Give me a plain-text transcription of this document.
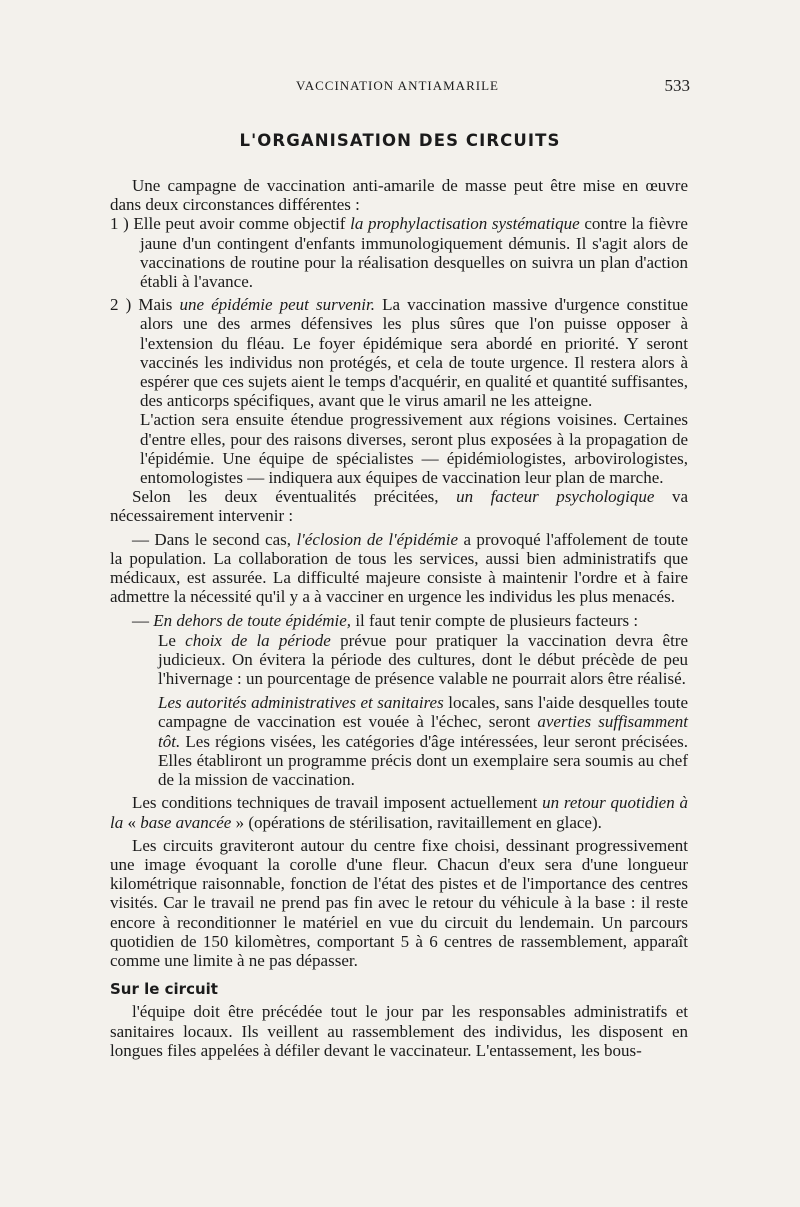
VACCINATION ANTIAMARILE	533
L'ORGANISATION DES CIRCUITS

Une campagne de vaccination anti-amarile de masse peut être mise en œuvre dans deux circonstances différentes :

1 ) Elle peut avoir comme objectif la prophylactisation systématique contre la fièvre jaune d'un contingent d'enfants immunologiquement démunis. Il s'agit alors de vaccinations de routine pour la réalisation desquelles on suivra un plan d'action établi à l'avance.

2 ) Mais une épidémie peut survenir. La vaccination massive d'urgence constitue alors une des armes défensives les plus sûres que l'on puisse opposer à l'extension du fléau. Le foyer épidémique sera abordé en priorité. Y seront vaccinés les individus non protégés, et cela de toute urgence. Il restera alors à espérer que ces sujets aient le temps d'acquérir, en qualité et quantité suffisantes, des anticorps spécifiques, avant que le virus amaril ne les atteigne.

L'action sera ensuite étendue progressivement aux régions voisines. Certaines d'entre elles, pour des raisons diverses, seront plus exposées à la propagation de l'épidémie. Une équipe de spécialistes — épidémiologistes, arbovirologistes, entomologistes — indiquera aux équipes de vaccination leur plan de marche.

Selon les deux éventualités précitées, un facteur psychologique va nécessairement intervenir :

— Dans le second cas, l'éclosion de l'épidémie a provoqué l'affolement de toute la population. La collaboration de tous les services, aussi bien administratifs que médicaux, est assurée. La difficulté majeure consiste à maintenir l'ordre et à faire admettre la nécessité qu'il y a à vacciner en urgence les individus les plus menacés.

— En dehors de toute épidémie, il faut tenir compte de plusieurs facteurs :

Le choix de la période prévue pour pratiquer la vaccination devra être judicieux. On évitera la période des cultures, dont le début précède de peu l'hivernage : un pourcentage de présence valable ne pourrait alors être réalisé.

Les autorités administratives et sanitaires locales, sans l'aide desquelles toute campagne de vaccination est vouée à l'échec, seront averties suffisamment tôt. Les régions visées, les catégories d'âge intéressées, leur seront précisées. Elles établiront un programme précis dont un exemplaire sera soumis au chef de la mission de vaccination.

Les conditions techniques de travail imposent actuellement un retour quotidien à la « base avancée » (opérations de stérilisation, ravitaillement en glace).

Les circuits graviteront autour du centre fixe choisi, dessinant progressivement une image évoquant la corolle d'une fleur. Chacun d'eux sera d'une longueur kilométrique raisonnable, fonction de l'état des pistes et de l'importance des centres visités. Car le travail ne prend pas fin avec le retour du véhicule à la base : il reste encore à reconditionner le matériel en vue du circuit du lendemain. Un parcours quotidien de 150 kilomètres, comportant 5 à 6 centres de rassemblement, apparaît comme une limite à ne pas dépasser.

Sur le circuit

l'équipe doit être précédée tout le jour par les responsables administratifs et sanitaires locaux. Ils veillent au rassemblement des individus, les disposent en longues files appelées à défiler devant le vaccinateur. L'entassement, les bous-
